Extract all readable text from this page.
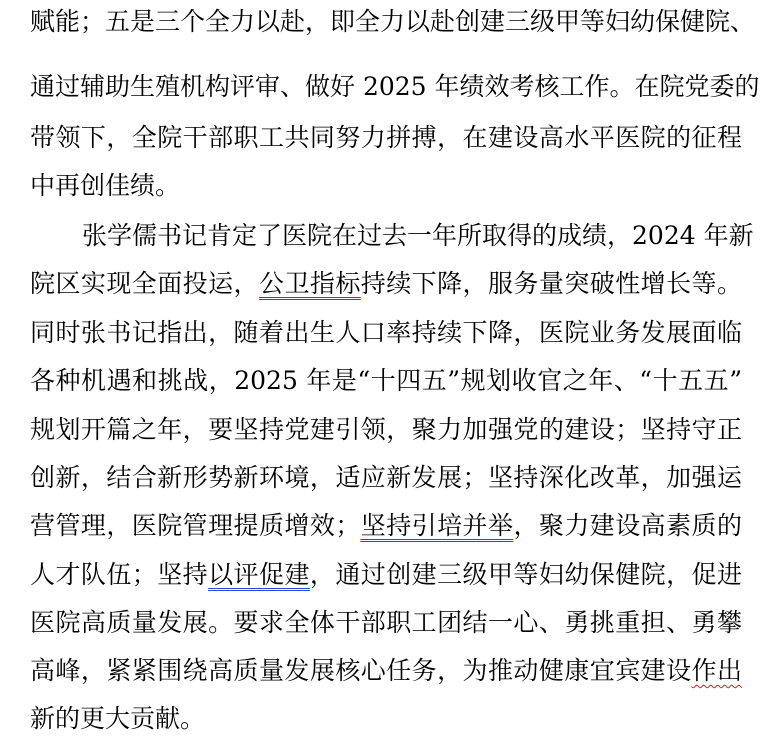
赋能；五是三个全力以赴，即全力以赴创建三级甲等妇幼保健院、
通过辅助生殖机构评审、做好 2025 年绩效考核工作。在院党委的
带领下，全院干部职工共同努力拼搏，在建设高水平医院的征程
中再创佳绩。
张学儒书记肯定了医院在过去一年所取得的成绩，2024 年新
院区实现全面投运，公卫指标持续下降，服务量突破性增长等。
同时张书记指出，随着出生人口率持续下降，医院业务发展面临
各种机遇和挑战，2025 年是“十四五”规划收官之年、“十五五”
规划开篇之年，要坚持党建引领，聚力加强党的建设；坚持守正
创新，结合新形势新环境，适应新发展；坚持深化改革，加强运
营管理，医院管理提质增效；坚持引培并举，聚力建设高素质的
人才队伍；坚持以评促建，通过创建三级甲等妇幼保健院，促进
医院高质量发展。要求全体干部职工团结一心、勇挑重担、勇攀
高峰，紧紧围绕高质量发展核心任务，为推动健康宜宾建设作出
新的更大贡献。
